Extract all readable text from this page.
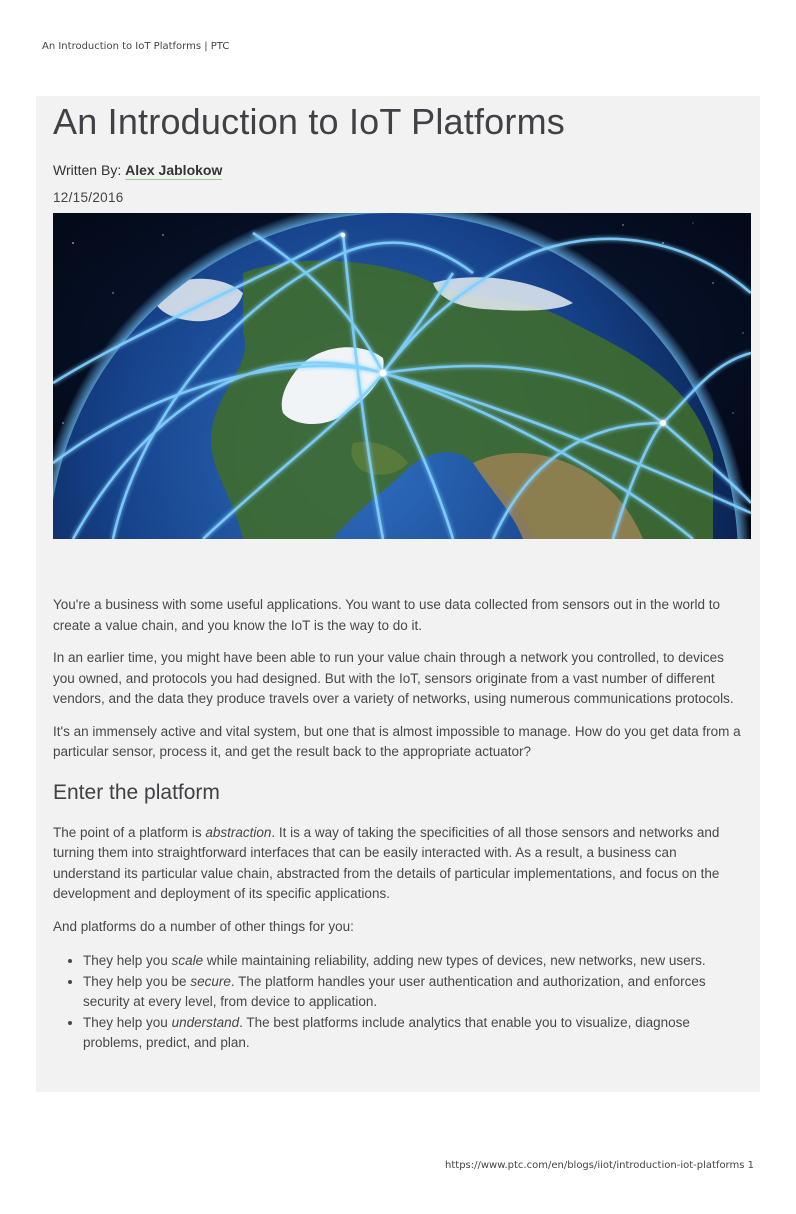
An Introduction to IoT Platforms | PTC
An Introduction to IoT Platforms
Written By: Alex Jablokow
12/15/2016

You're a business with some useful applications. You want to use data collected from sensors out in the world to create a value chain, and you know the IoT is the way to do it.

In an earlier time, you might have been able to run your value chain through a network you controlled, to devices you owned, and protocols you had designed. But with the IoT, sensors originate from a vast number of different vendors, and the data they produce travels over a variety of networks, using numerous communications protocols.

It's an immensely active and vital system, but one that is almost impossible to manage. How do you get data from a particular sensor, process it, and get the result back to the appropriate actuator?

Enter the platform

The point of a platform is abstraction. It is a way of taking the specificities of all those sensors and networks and turning them into straightforward interfaces that can be easily interacted with. As a result, a business can understand its particular value chain, abstracted from the details of particular implementations, and focus on the development and deployment of its specific applications.

And platforms do a number of other things for you:

• They help you scale while maintaining reliability, adding new types of devices, new networks, new users.
• They help you be secure. The platform handles your user authentication and authorization, and enforces security at every level, from device to application.
• They help you understand. The best platforms include analytics that enable you to visualize, diagnose problems, predict, and plan.
https://www.ptc.com/en/blogs/iiot/introduction-iot-platforms 1
